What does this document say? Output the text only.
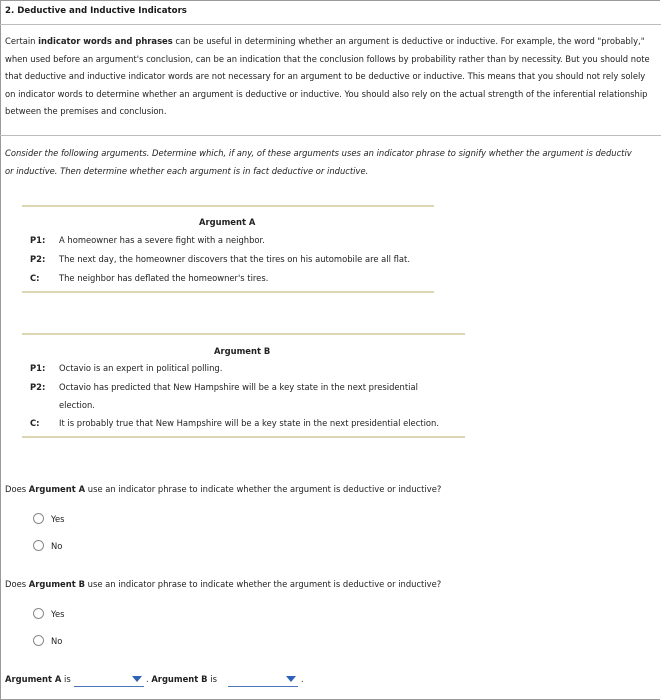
2. Deductive and Inductive Indicators
Certain indicator words and phrases can be useful in determining whether an argument is deductive or inductive. For example, the word "probably," when used before an argument's conclusion, can be an indication that the conclusion follows by probability rather than by necessity. But you should note that deductive and inductive indicator words are not necessary for an argument to be deductive or inductive. This means that you should not rely solely on indicator words to determine whether an argument is deductive or inductive. You should also rely on the actual strength of the inferential relationship between the premises and conclusion.
Consider the following arguments. Determine which, if any, of these arguments uses an indicator phrase to signify whether the argument is deductiv
or inductive. Then determine whether each argument is in fact deductive or inductive.
Argument A
P1: A homeowner has a severe fight with a neighbor.
P2: The next day, the homeowner discovers that the tires on his automobile are all flat.
C: The neighbor has deflated the homeowner's tires.
Argument B
P1: Octavio is an expert in political polling.
P2: Octavio has predicted that New Hampshire will be a key state in the next presidential
election.
C: It is probably true that New Hampshire will be a key state in the next presidential election.
Does Argument A use an indicator phrase to indicate whether the argument is deductive or inductive?
Yes
No
Does Argument B use an indicator phrase to indicate whether the argument is deductive or inductive?
Yes
No
Argument A is	. Argument B is	.
